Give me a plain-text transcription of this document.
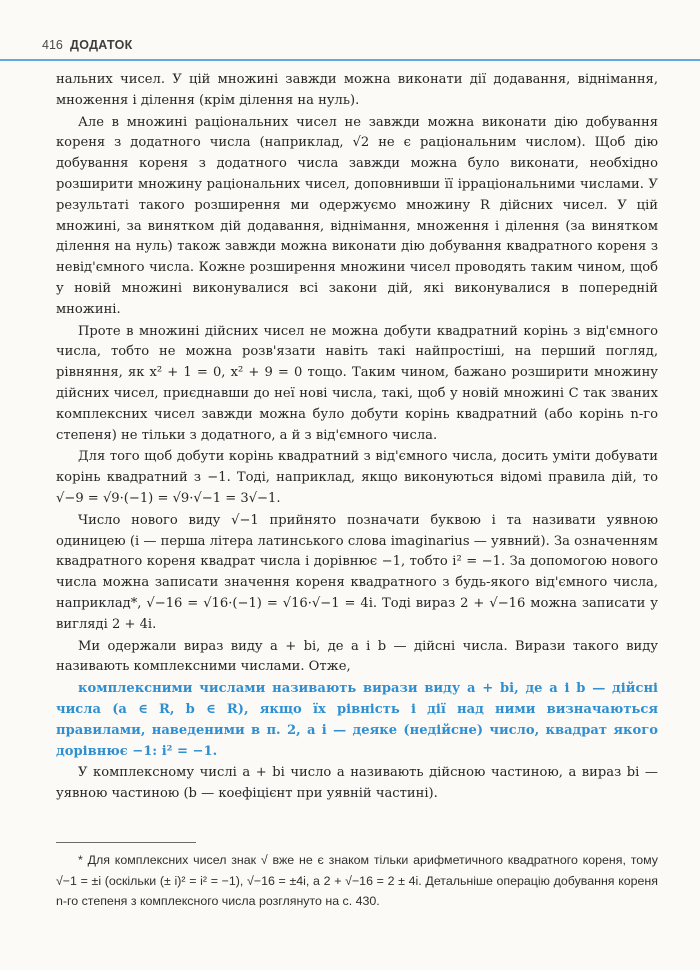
416 ДОДАТОК

нальних чисел. У цій множині завжди можна виконати дії додавання, віднімання, множення і ділення (крім ділення на нуль).

Але в множині раціональних чисел не завжди можна виконати дію добування кореня з додатного числа (наприклад, √2 не є раціональним числом). Щоб дію добування кореня з додатного числа завжди можна було виконати, необхідно розширити множину раціональних чисел, доповнивши її ірраціональними числами. У результаті такого розширення ми одержуємо множину R дійсних чисел. У цій множині, за винятком дій додавання, віднімання, множення і ділення (за винятком ділення на нуль) також завжди можна виконати дію добування квадратного кореня з невід'ємного числа. Кожне розширення множини чисел проводять таким чином, щоб у новій множині виконувалися всі закони дій, які виконувалися в попередній множині.

Проте в множині дійсних чисел не можна добути квадратний корінь з від'ємного числа, тобто не можна розв'язати навіть такі найпростіші, на перший погляд, рівняння, як x² + 1 = 0, x² + 9 = 0 тощо. Таким чином, бажано розширити множину дійсних чисел, приєднавши до неї нові числа, такі, щоб у новій множині C так званих комплексних чисел завжди можна було добути корінь квадратний (або корінь n-го степеня) не тільки з додатного, а й з від'ємного числа.

Для того щоб добути корінь квадратний з від'ємного числа, досить уміти добувати корінь квадратний з −1. Тоді, наприклад, якщо виконуються відомі правила дій, то √−9 = √9·(−1) = √9·√−1 = 3√−1.

Число нового виду √−1 прийнято позначати буквою i та називати уявною одиницею (i — перша літера латинського слова imaginarius — уявний). За означенням квадратного кореня квадрат числа i дорівнює −1, тобто i² = −1. За допомогою нового числа можна записати значення кореня квадратного з будь-якого від'ємного числа, наприклад*, √−16 = √16·(−1) = √16·√−1 = 4i. Тоді вираз 2 + √−16 можна записати у вигляді 2 + 4i.

Ми одержали вираз виду a + bi, де a і b — дійсні числа. Вирази такого виду називають комплексними числами. Отже,

комплексними числами називають вирази виду a + bi, де a і b — дійсні числа (a ∈ R, b ∈ R), якщо їх рівність і дії над ними визначаються правилами, наведеними в п. 2, а i — деяке (недійсне) число, квадрат якого дорівнює −1: i² = −1.

У комплексному числі a + bi число a називають дійсною частиною, а вираз bi — уявною частиною (b — коефіцієнт при уявній частині).

* Для комплексних чисел знак √ вже не є знаком тільки арифметичного квадратного кореня, тому √−1 = ±i (оскільки (± i)² = i² = −1), √−16 = ±4i, а 2 + √−16 = 2 ± 4i. Детальніше операцію добування кореня n-го степеня з комплексного числа розглянуто на с. 430.
